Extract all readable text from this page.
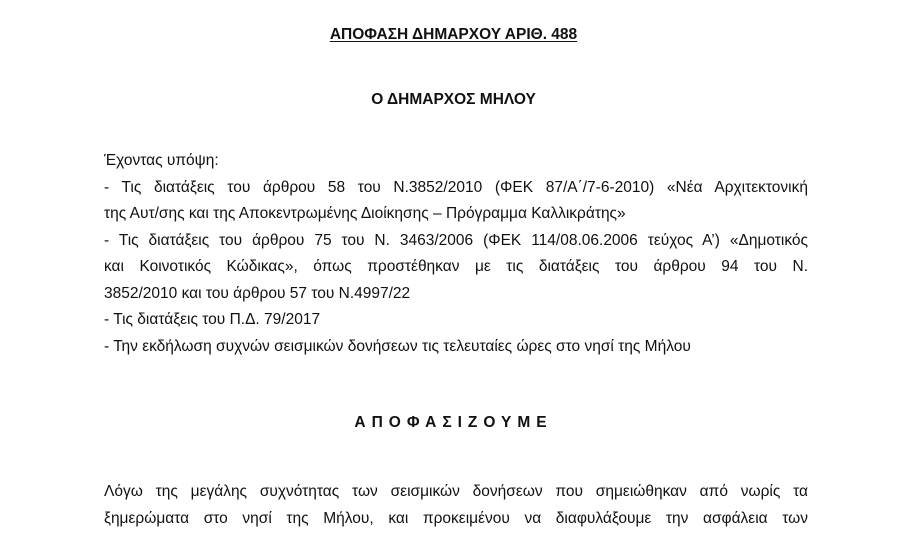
ΑΠΟΦΑΣΗ ΔΗΜΑΡΧΟΥ ΑΡΙΘ. 488
Ο ΔΗΜΑΡΧΟΣ ΜΗΛΟΥ

Έχοντας υπόψη:

- Τις διατάξεις του άρθρου 58 του Ν.3852/2010 (ΦΕΚ 87/Α΄/7-6-2010) «Νέα Αρχιτεκτονική
της Αυτ/σης και της Αποκεντρωμένης Διοίκησης – Πρόγραμμα Καλλικράτης»

- Τις διατάξεις του άρθρου 75 του Ν. 3463/2006 (ΦΕΚ 114/08.06.2006 τεύχος Α’) «Δημοτικός
και Κοινοτικός Κώδικας», όπως προστέθηκαν με τις διατάξεις του άρθρου 94 του Ν.
3852/2010 και του άρθρου 57 του Ν.4997/22

- Τις διατάξεις του Π.Δ. 79/2017

- Την εκδήλωση συχνών σεισμικών δονήσεων τις τελευταίες ώρες στο νησί της Μήλου

ΑΠΟΦΑΣΙΖΟΥΜΕ

Λόγω της μεγάλης συχνότητας των σεισμικών δονήσεων που σημειώθηκαν από νωρίς τα
ξημερώματα στο νησί της Μήλου, και προκειμένου να διαφυλάξουμε την ασφάλεια των
